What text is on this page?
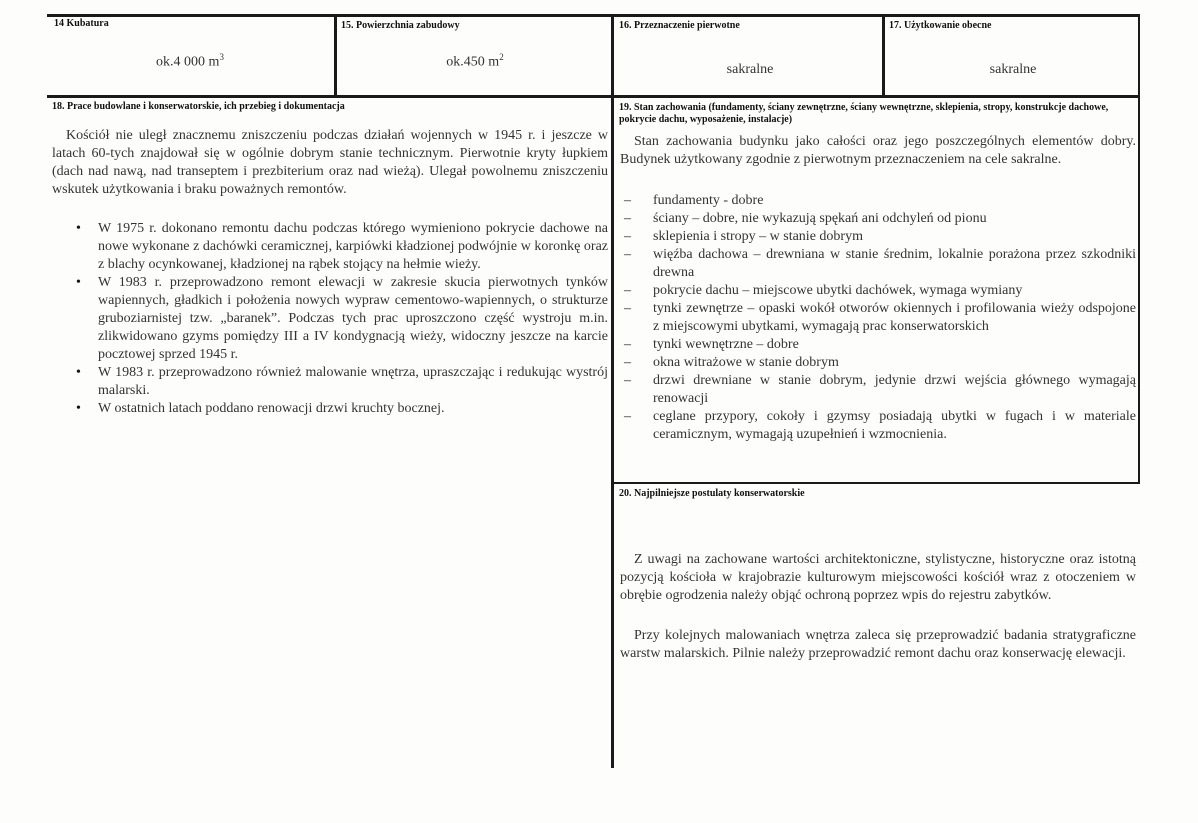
14 Kubatura
ok.4 000 $m^3$
15. Powierzchnia zabudowy
ok.450 $m^2$
16. Przeznaczenie pierwotne
sakralne
17. Użytkowanie obecne
sakralne
18. Prace budowlane i konserwatorskie, ich przebieg i dokumentacja
Kościół nie uległ znacznemu zniszczeniu podczas działań wojennych w 1945 r. i jeszcze w latach 60-tych znajdował się w ogólnie dobrym stanie technicznym. Pierwotnie kryty łupkiem (dach nad nawą, nad transeptem i prezbiterium oraz nad wieżą). Ulegał powolnemu zniszczeniu wskutek użytkowania i braku poważnych remontów.
• W 1975 r. dokonano remontu dachu podczas którego wymieniono pokrycie dachowe na nowe wykonane z dachówki ceramicznej, karpiówki kładzionej podwójnie w koronkę oraz z blachy ocynkowanej, kładzionej na rąbek stojący na hełmie wieży.
• W 1983 r. przeprowadzono remont elewacji w zakresie skucia pierwotnych tynków wapiennych, gładkich i położenia nowych wypraw cementowo-wapiennych, o strukturze gruboziarnistej tzw. „baranek”. Podczas tych prac uproszczono część wystroju m.in. zlikwidowano gzyms pomiędzy III a IV kondygnacją wieży, widoczny jeszcze na karcie pocztowej sprzed 1945 r.
• W 1983 r. przeprowadzono również malowanie wnętrza, upraszczając i redukując wystrój malarski.
• W ostatnich latach poddano renowacji drzwi kruchty bocznej.
19. Stan zachowania (fundamenty, ściany zewnętrzne, ściany wewnętrzne, sklepienia, stropy, konstrukcje dachowe, pokrycie dachu, wyposażenie, instalacje)
Stan zachowania budynku jako całości oraz jego poszczególnych elementów dobry. Budynek użytkowany zgodnie z pierwotnym przeznaczeniem na cele sakralne.
– fundamenty - dobre
– ściany – dobre, nie wykazują spękań ani odchyleń od pionu
– sklepienia i stropy – w stanie dobrym
– więźba dachowa – drewniana w stanie średnim, lokalnie porażona przez szkodniki drewna
– pokrycie dachu – miejscowe ubytki dachówek, wymaga wymiany
– tynki zewnętrze – opaski wokół otworów okiennych i profilowania wieży odspojone z miejscowymi ubytkami, wymagają prac konserwatorskich
– tynki wewnętrzne – dobre
– okna witrażowe w stanie dobrym
– drzwi drewniane w stanie dobrym, jedynie drzwi wejścia głównego wymagają renowacji
– ceglane przypory, cokoły i gzymsy posiadają ubytki w fugach i w materiale ceramicznym, wymagają uzupełnień i wzmocnienia.
20. Najpilniejsze postulaty konserwatorskie
Z uwagi na zachowane wartości architektoniczne, stylistyczne, historyczne oraz istotną pozycją kościoła w krajobrazie kulturowym miejscowości kościół wraz z otoczeniem w obrębie ogrodzenia należy objąć ochroną poprzez wpis do rejestru zabytków.
Przy kolejnych malowaniach wnętrza zaleca się przeprowadzić badania stratygraficzne warstw malarskich. Pilnie należy przeprowadzić remont dachu oraz konserwację elewacji.
